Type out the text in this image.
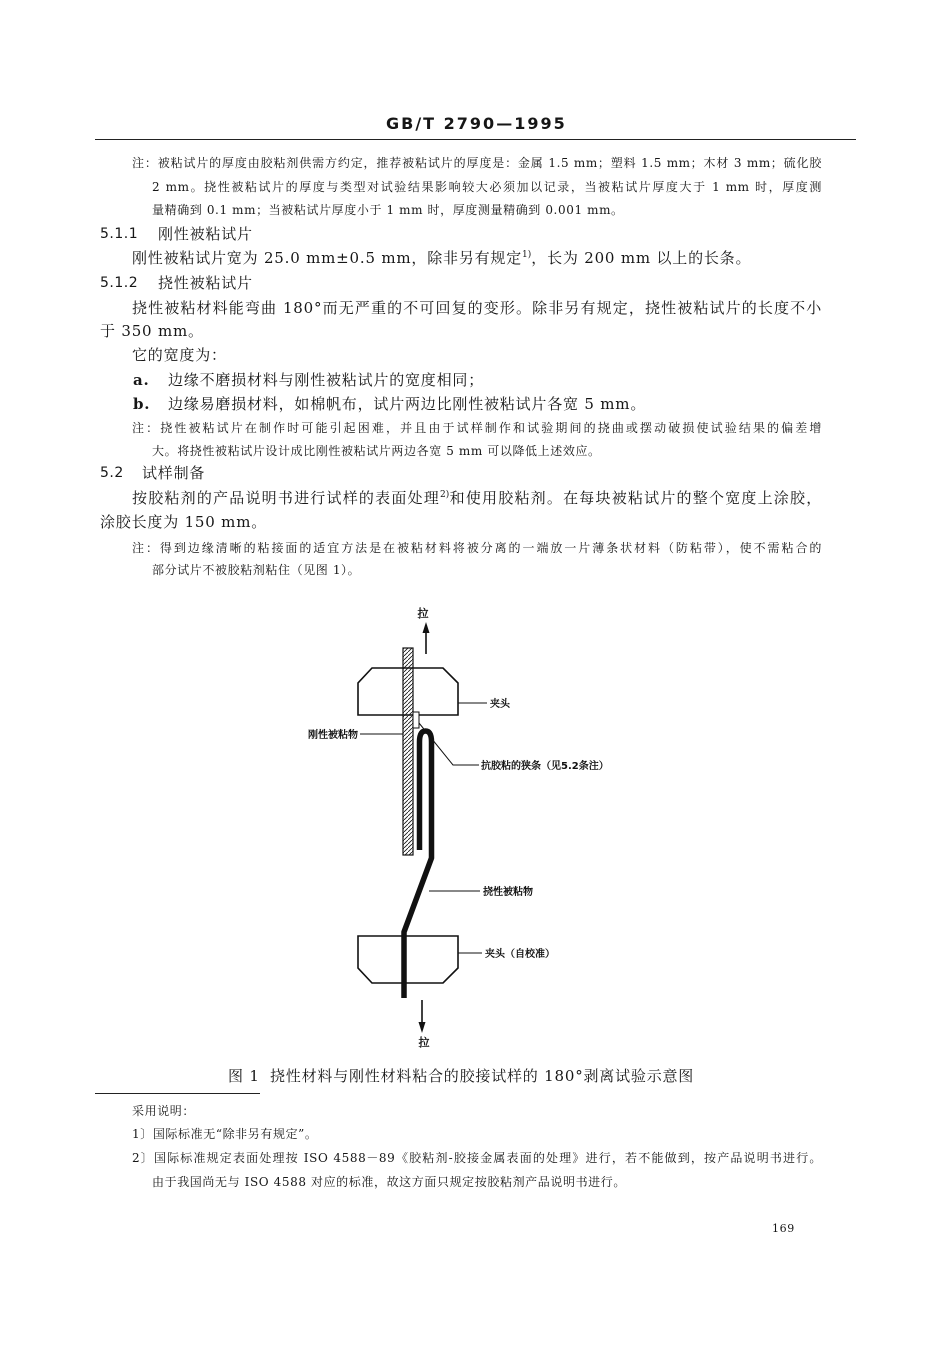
GB/T 2790—1995
注：被粘试片的厚度由胶粘剂供需方约定，推荐被粘试片的厚度是：金属 1.5 mm；塑料 1.5 mm；木材 3 mm；硫化胶
2 mm。挠性被粘试片的厚度与类型对试验结果影响较大必须加以记录，当被粘试片厚度大于 1 mm 时，厚度测
量精确到 0.1 mm；当被粘试片厚度小于 1 mm 时，厚度测量精确到 0.001 mm。
5.1.1 刚性被粘试片
刚性被粘试片宽为 25.0 mm±0.5 mm，除非另有规定$^{1)}$，长为 200 mm 以上的长条。
5.1.2 挠性被粘试片
挠性被粘材料能弯曲 180°而无严重的不可回复的变形。除非另有规定，挠性被粘试片的长度不小
于 350 mm。
它的宽度为：
a. 边缘不磨损材料与刚性被粘试片的宽度相同；
b. 边缘易磨损材料，如棉帆布，试片两边比刚性被粘试片各宽 5 mm。
注：挠性被粘试片在制作时可能引起困难，并且由于试样制作和试验期间的挠曲或摆动破损使试验结果的偏差增
大。将挠性被粘试片设计成比刚性被粘试片两边各宽 5 mm 可以降低上述效应。
5.2 试样制备
按胶粘剂的产品说明书进行试样的表面处理$^{2)}$和使用胶粘剂。在每块被粘试片的整个宽度上涂胶，
涂胶长度为 150 mm。
注：得到边缘清晰的粘接面的适宜方法是在被粘材料将被分离的一端放一片薄条状材料（防粘带），使不需粘合的
部分试片不被胶粘剂粘住（见图 1）。
拉
夹头
刚性被粘物
抗胶粘的狭条（见5.2条注）
挠性被粘物
夹头（自校准）
拉
图 1 挠性材料与刚性材料粘合的胶接试样的 180°剥离试验示意图
采用说明：
1〕国际标准无“除非另有规定”。
2〕国际标准规定表面处理按 ISO 4588－89《胶粘剂-胶接金属表面的处理》进行，若不能做到，按产品说明书进行。
由于我国尚无与 ISO 4588 对应的标准，故这方面只规定按胶粘剂产品说明书进行。
169
